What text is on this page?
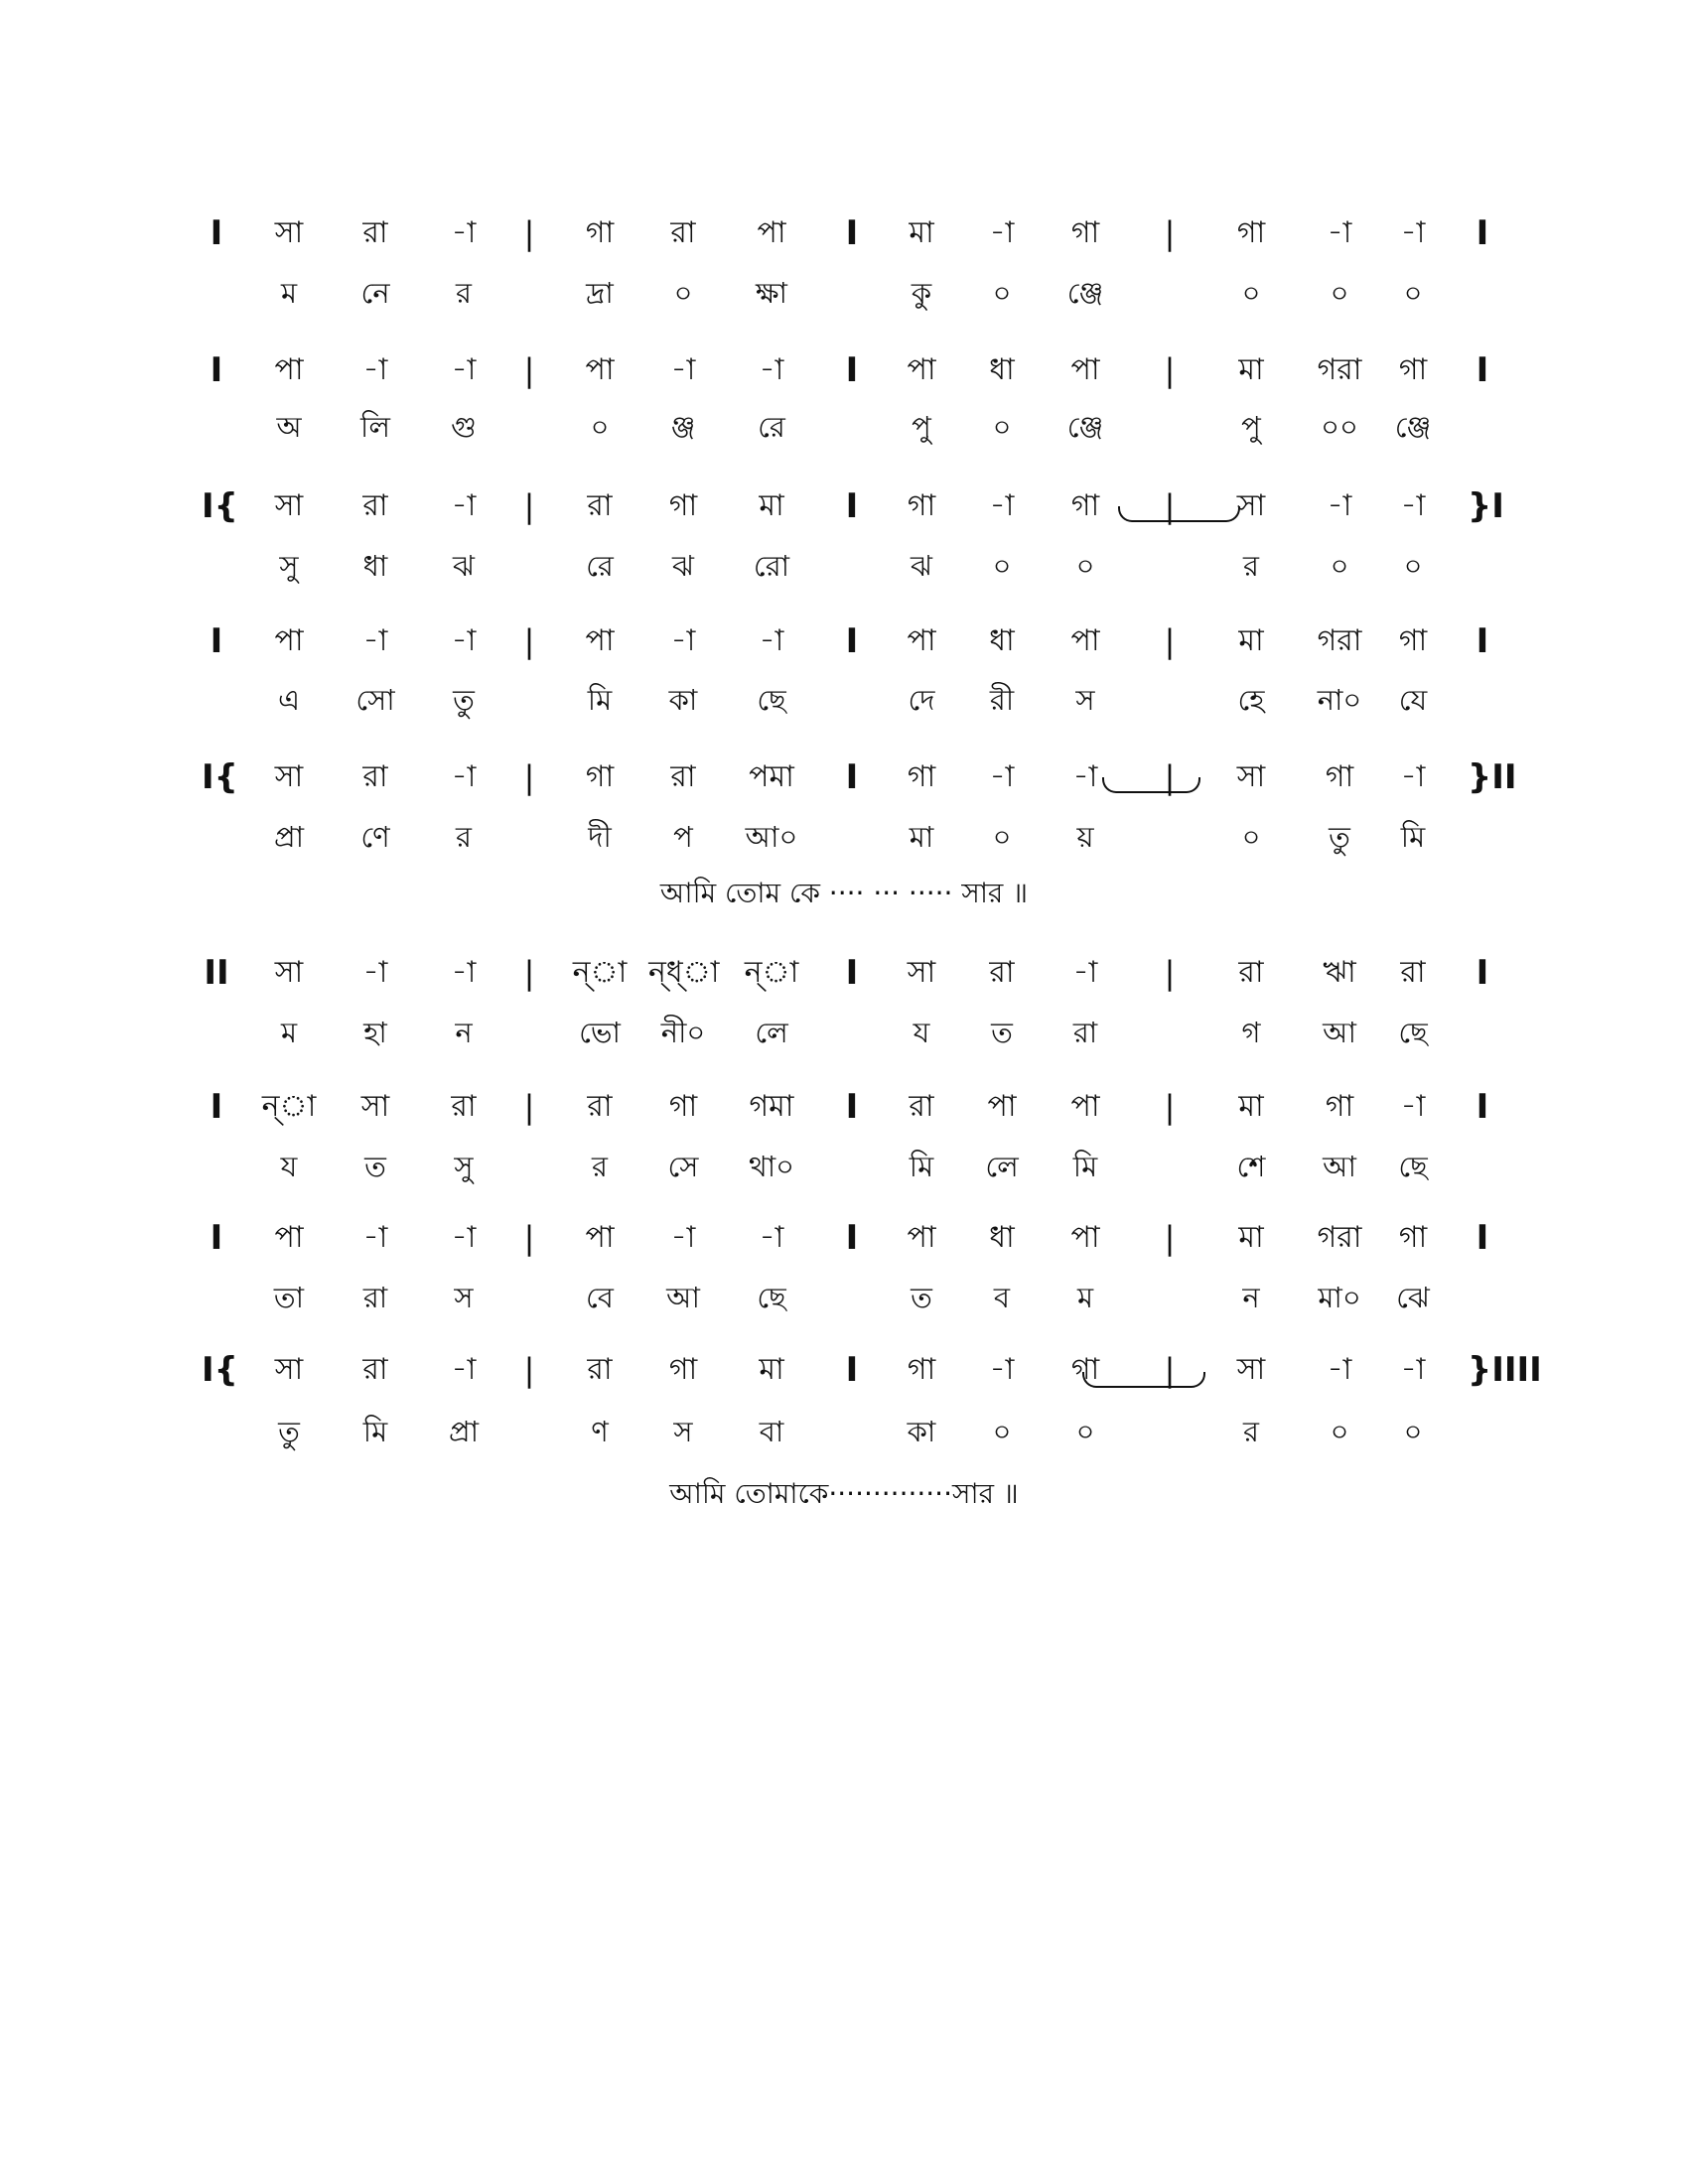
I	সা	রা	-া	|	গা	রা	পা	I	মা	-া	গা	|	গা	-া	-া	I
ম	নে	র	দ্রা	০	ক্ষা	কু	০	ঞ্জে	০	০	০
I	পা	-া	-া	|	পা	-া	-া	I	পা	ধা	পা	|	মা	গরা	গা	I
অ	লি	গু	০	ঞ্জ	রে	পু	০	ঞ্জে	পু	০০	ঞ্জে
I{	সা	রা	-া	|	রা	গা	মা	I	গা	-া	গা	|	সা	-া	-া	}I
সু	ধা	ঝ	রে	ঝ	রো	ঝ	০	০	র	০	০
I	পা	-া	-া	|	পা	-া	-া	I	পা	ধা	পা	|	মা	গরা	গা	I
এ	সো	তু	মি	কা	ছে	দে	রী	স	হে	না০	যে
I{	সা	রা	-া	|	গা	রা	পমা	I	গা	-া	-া	|	সা	গা	-া	}II
প্রা	ণে	র	দী	প	আ০	মা	০	য়	০	তু	মি
II	সা	-া	-া	|	ন্‌া ন্‌ধ্‌া ন্‌া I	সা	রা	-া	|	রা	ঋা	রা	I
ম	হা	ন	ভো	নী০	লে	য	ত	রা	গ	আ	ছে
I ন্‌া	সা	রা	|	রা	গা	গমা	I	রা	পা	পা	|	মা	গা	-া	I
য	ত	সু	র	সে	থা০	মি	লে	মি	শে	আ	ছে
I	পা	-া	-া	|	পা	-া	-া	I	পা	ধা	পা	|	মা	গরা	গা	I
তা	রা	স	বে	আ	ছে	ত	ব	ম	ন	মা০	ঝে
I{	সা	রা	-া	|	রা	গা	মা	I	গা	-া	গা	|	সা	-া	-া	}IIII
তু	মি	প্রা	ণ	স	বা	কা	০	০	র	০	০
আমি তোম কে ···· ··· ····· সার ॥
আমি তোমাকে··············সার ॥
